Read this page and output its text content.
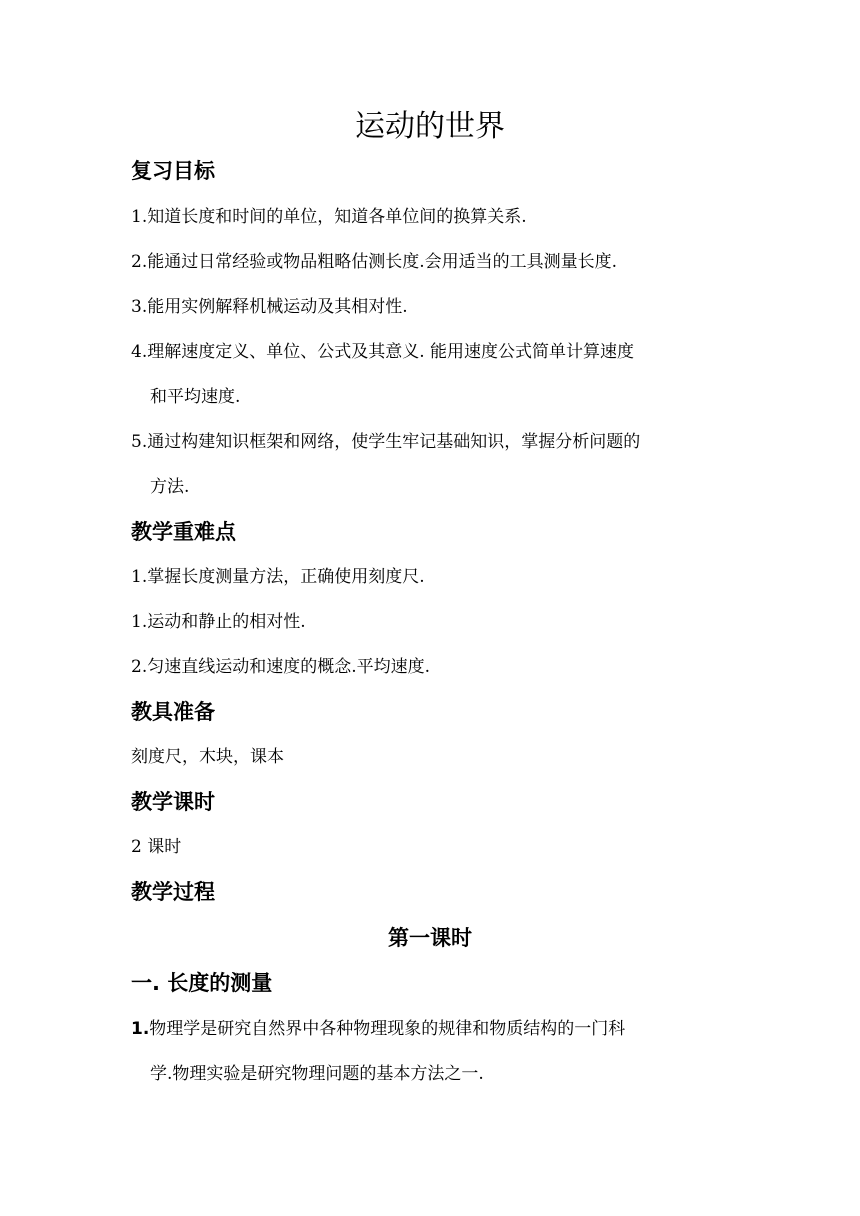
运动的世界
复习目标
1.知道长度和时间的单位，知道各单位间的换算关系.
2.能通过日常经验或物品粗略估测长度.会用适当的工具测量长度.
3.能用实例解释机械运动及其相对性.
4.理解速度定义、单位、公式及其意义. 能用速度公式简单计算速度
和平均速度.
5.通过构建知识框架和网络，使学生牢记基础知识，掌握分析问题的
方法.
教学重难点
1.掌握长度测量方法，正确使用刻度尺.
1.运动和静止的相对性.
2.匀速直线运动和速度的概念.平均速度.
教具准备
刻度尺，木块，课本
教学课时
2 课时
教学过程
第一课时
一. 长度的测量
1.物理学是研究自然界中各种物理现象的规律和物质结构的一门科
学.物理实验是研究物理问题的基本方法之一.
